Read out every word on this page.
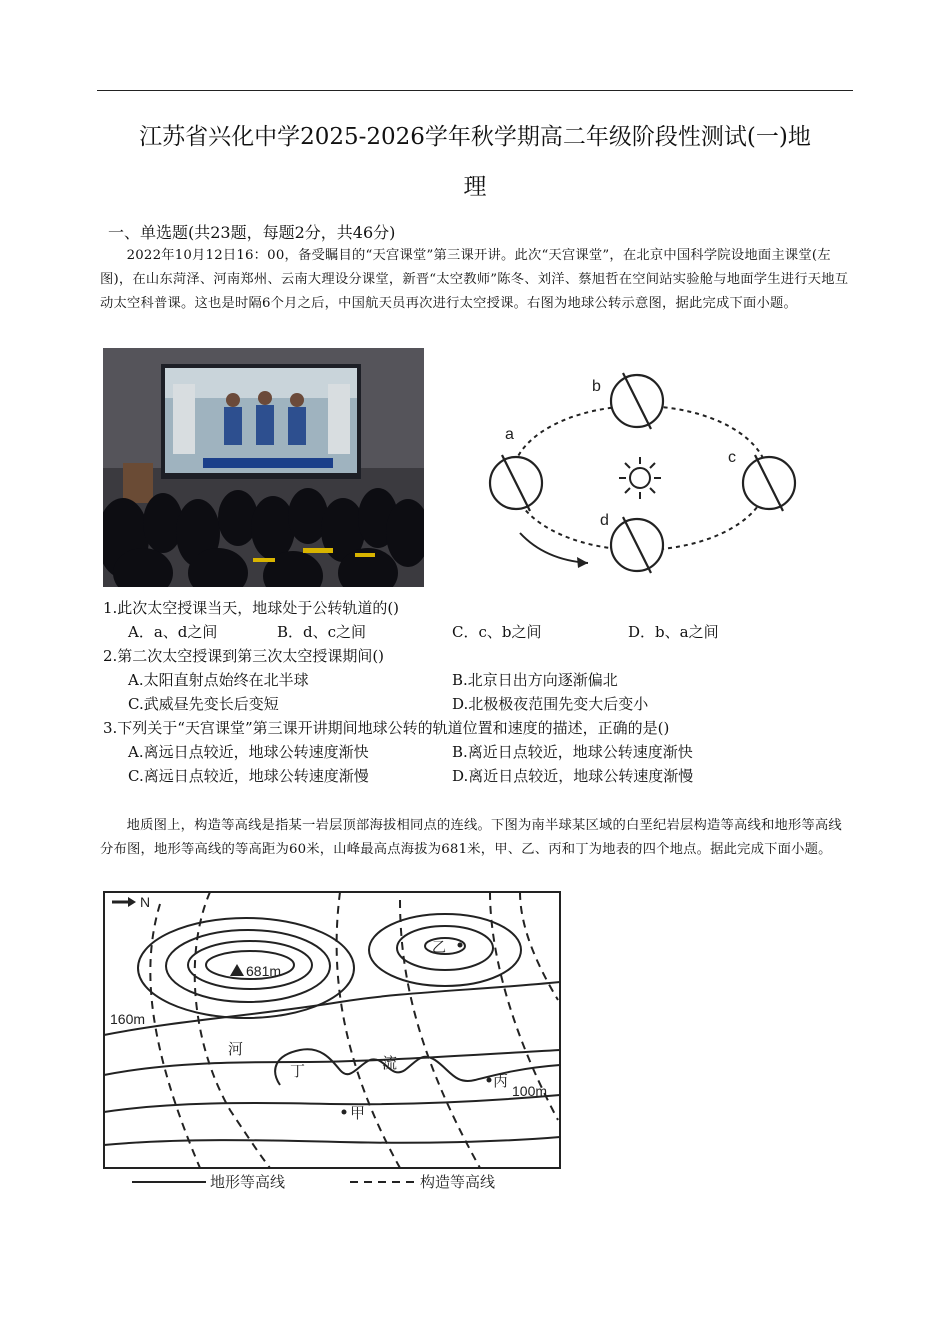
江苏省兴化中学2025-2026学年秋学期高二年级阶段性测试(一)地
理
一、单选题(共23题，每题2分，共46分)
2022年10月12日16：00，备受瞩目的“天宫课堂”第三课开讲。此次“天宫课堂”，在北京中国科学院设地面主课堂(左图)，在山东菏泽、河南郑州、云南大理设分课堂，新晋“太空教师”陈冬、刘洋、蔡旭哲在空间站实验舱与地面学生进行天地互动太空科普课。这也是时隔6个月之后，中国航天员再次进行太空授课。右图为地球公转示意图，据此完成下面小题。
a
b
c
d
1.此次太空授课当天，地球处于公转轨道的()
A．a、d之间	B．d、c之间	C．c、b之间	D．b、a之间
2.第二次太空授课到第三次太空授课期间()
A.太阳直射点始终在北半球	B.北京日出方向逐渐偏北
C.武威昼先变长后变短	D.北极极夜范围先变大后变小
3.下列关于“天宫课堂”第三课开讲期间地球公转的轨道位置和速度的描述，正确的是()
A.离远日点较近，地球公转速度渐快	B.离近日点较近，地球公转速度渐快
C.离远日点较近，地球公转速度渐慢	D.离近日点较近，地球公转速度渐慢
地质图上，构造等高线是指某一岩层顶部海拔相同点的连线。下图为南半球某区域的白垩纪岩层构造等高线和地形等高线分布图，地形等高线的等高距为60米，山峰最高点海拔为681米，甲、乙、丙和丁为地表的四个地点。据此完成下面小题。
N
681m
乙
160m
河
丁	流
丙
100m
甲
地形等高线	构造等高线
